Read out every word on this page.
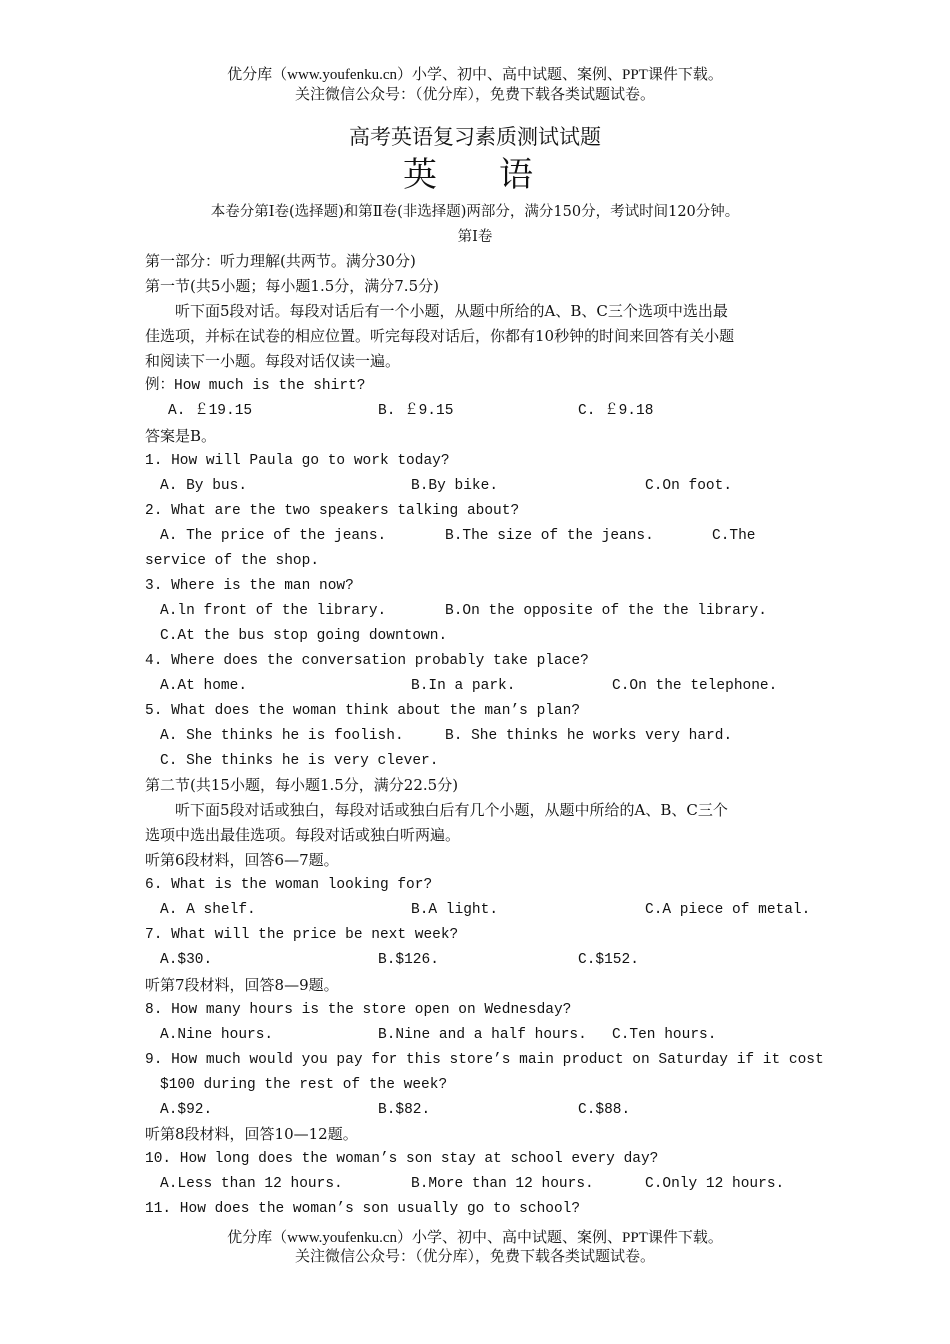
优分库（www.youfenku.cn）小学、初中、高中试题、案例、PPT课件下载。
关注微信公众号：（优分库），免费下载各类试题试卷。
高考英语复习素质测试试题
英　语
本卷分第Ⅰ卷(选择题)和第Ⅱ卷(非选择题)两部分，满分150分，考试时间120分钟。
第Ⅰ卷
第一部分：听力理解(共两节。满分30分)
第一节(共5小题；每小题1.5分，满分7.5分)
　　听下面5段对话。每段对话后有一个小题，从题中所给的A、B、C三个选项中选出最
佳选项，并标在试卷的相应位置。听完每段对话后，你都有10秒钟的时间来回答有关小题
和阅读下一小题。每段对话仅读一遍。
例：How much is the shirt?
A. ￡19.15	B. ￡9.15	C. ￡9.18
答案是B。
1. How will Paula go to work today?
A. By bus.	B.By bike.	C.On foot.
2. What are the two speakers talking about?
A. The price of the jeans.	B.The size of the jeans.	C.The
service of the shop.
3. Where is the man now?
A.ln front of the library.	B.On the opposite of the the library.
C.At the bus stop going downtown.
4. Where does the conversation probably take place?
A.At home.	B.In a park.	C.On the telephone.
5. What does the woman think about the man’s plan?
A. She thinks he is foolish.	B. She thinks he works very hard.
C. She thinks he is very clever.
第二节(共15小题，每小题1.5分，满分22.5分)
　　听下面5段对话或独白，每段对话或独白后有几个小题，从题中所给的A、B、C三个
选项中选出最佳选项。每段对话或独白听两遍。
听第6段材料，回答6—7题。
6. What is the woman looking for?
A. A shelf.	B.A light.	C.A piece of metal.
7. What will the price be next week?
A.$30.	B.$126.	C.$152.
听第7段材料，回答8—9题。
8. How many hours is the store open on Wednesday?
A.Nine hours.	B.Nine and a half hours. C.Ten hours.
9. How much would you pay for this store’s main product on Saturday if it cost
$100 during the rest of the week?
A.$92.	B.$82.	C.$88.
听第8段材料，回答10—12题。
10. How long does the woman’s son stay at school every day?
A.Less than 12 hours.	B.More than 12 hours.	C.Only 12 hours.
11. How does the woman’s son usually go to school?
优分库（www.youfenku.cn）小学、初中、高中试题、案例、PPT课件下载。
关注微信公众号：（优分库），免费下载各类试题试卷。
